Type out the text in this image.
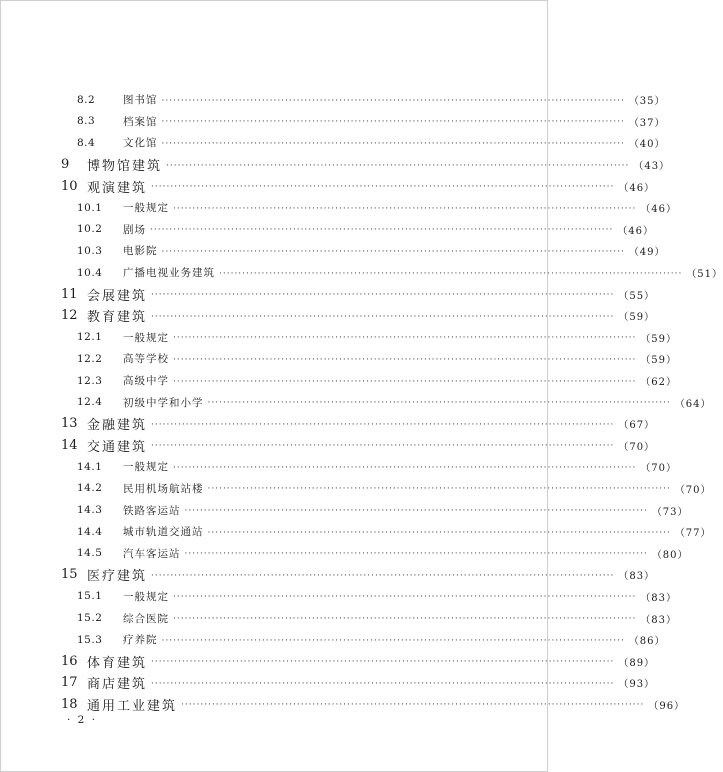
8.2	图书馆 ························································································································ （35）
8.3	档案馆 ························································································································ （37）
8.4	文化馆 ························································································································ （40）
9	博物馆建筑 ························································································································ （43）
10 观演建筑 ························································································································ （46）
10.1	一般规定 ························································································································ （46）
10.2	剧场 ························································································································ （46）
10.3	电影院 ························································································································ （49）
10.4	广播电视业务建筑 ························································································································ （51）
11 会展建筑 ························································································································ （55）
12 教育建筑 ························································································································ （59）
12.1	一般规定 ························································································································ （59）
12.2	高等学校 ························································································································ （59）
12.3	高级中学 ························································································································ （62）
12.4	初级中学和小学 ························································································································ （64）
13 金融建筑 ························································································································ （67）
14 交通建筑 ························································································································ （70）
14.1	一般规定 ························································································································ （70）
14.2	民用机场航站楼 ························································································································ （70）
14.3	铁路客运站 ························································································································ （73）
14.4	城市轨道交通站 ························································································································ （77）
14.5	汽车客运站 ························································································································ （80）
15 医疗建筑 ························································································································ （83）
15.1	一般规定 ························································································································ （83）
15.2	综合医院 ························································································································ （83）
15.3	疗养院 ························································································································ （86）
16 体育建筑 ························································································································ （89）
17 商店建筑 ························································································································ （93）
18 通用工业建筑 ························································································································ （96）
· 2 ·
